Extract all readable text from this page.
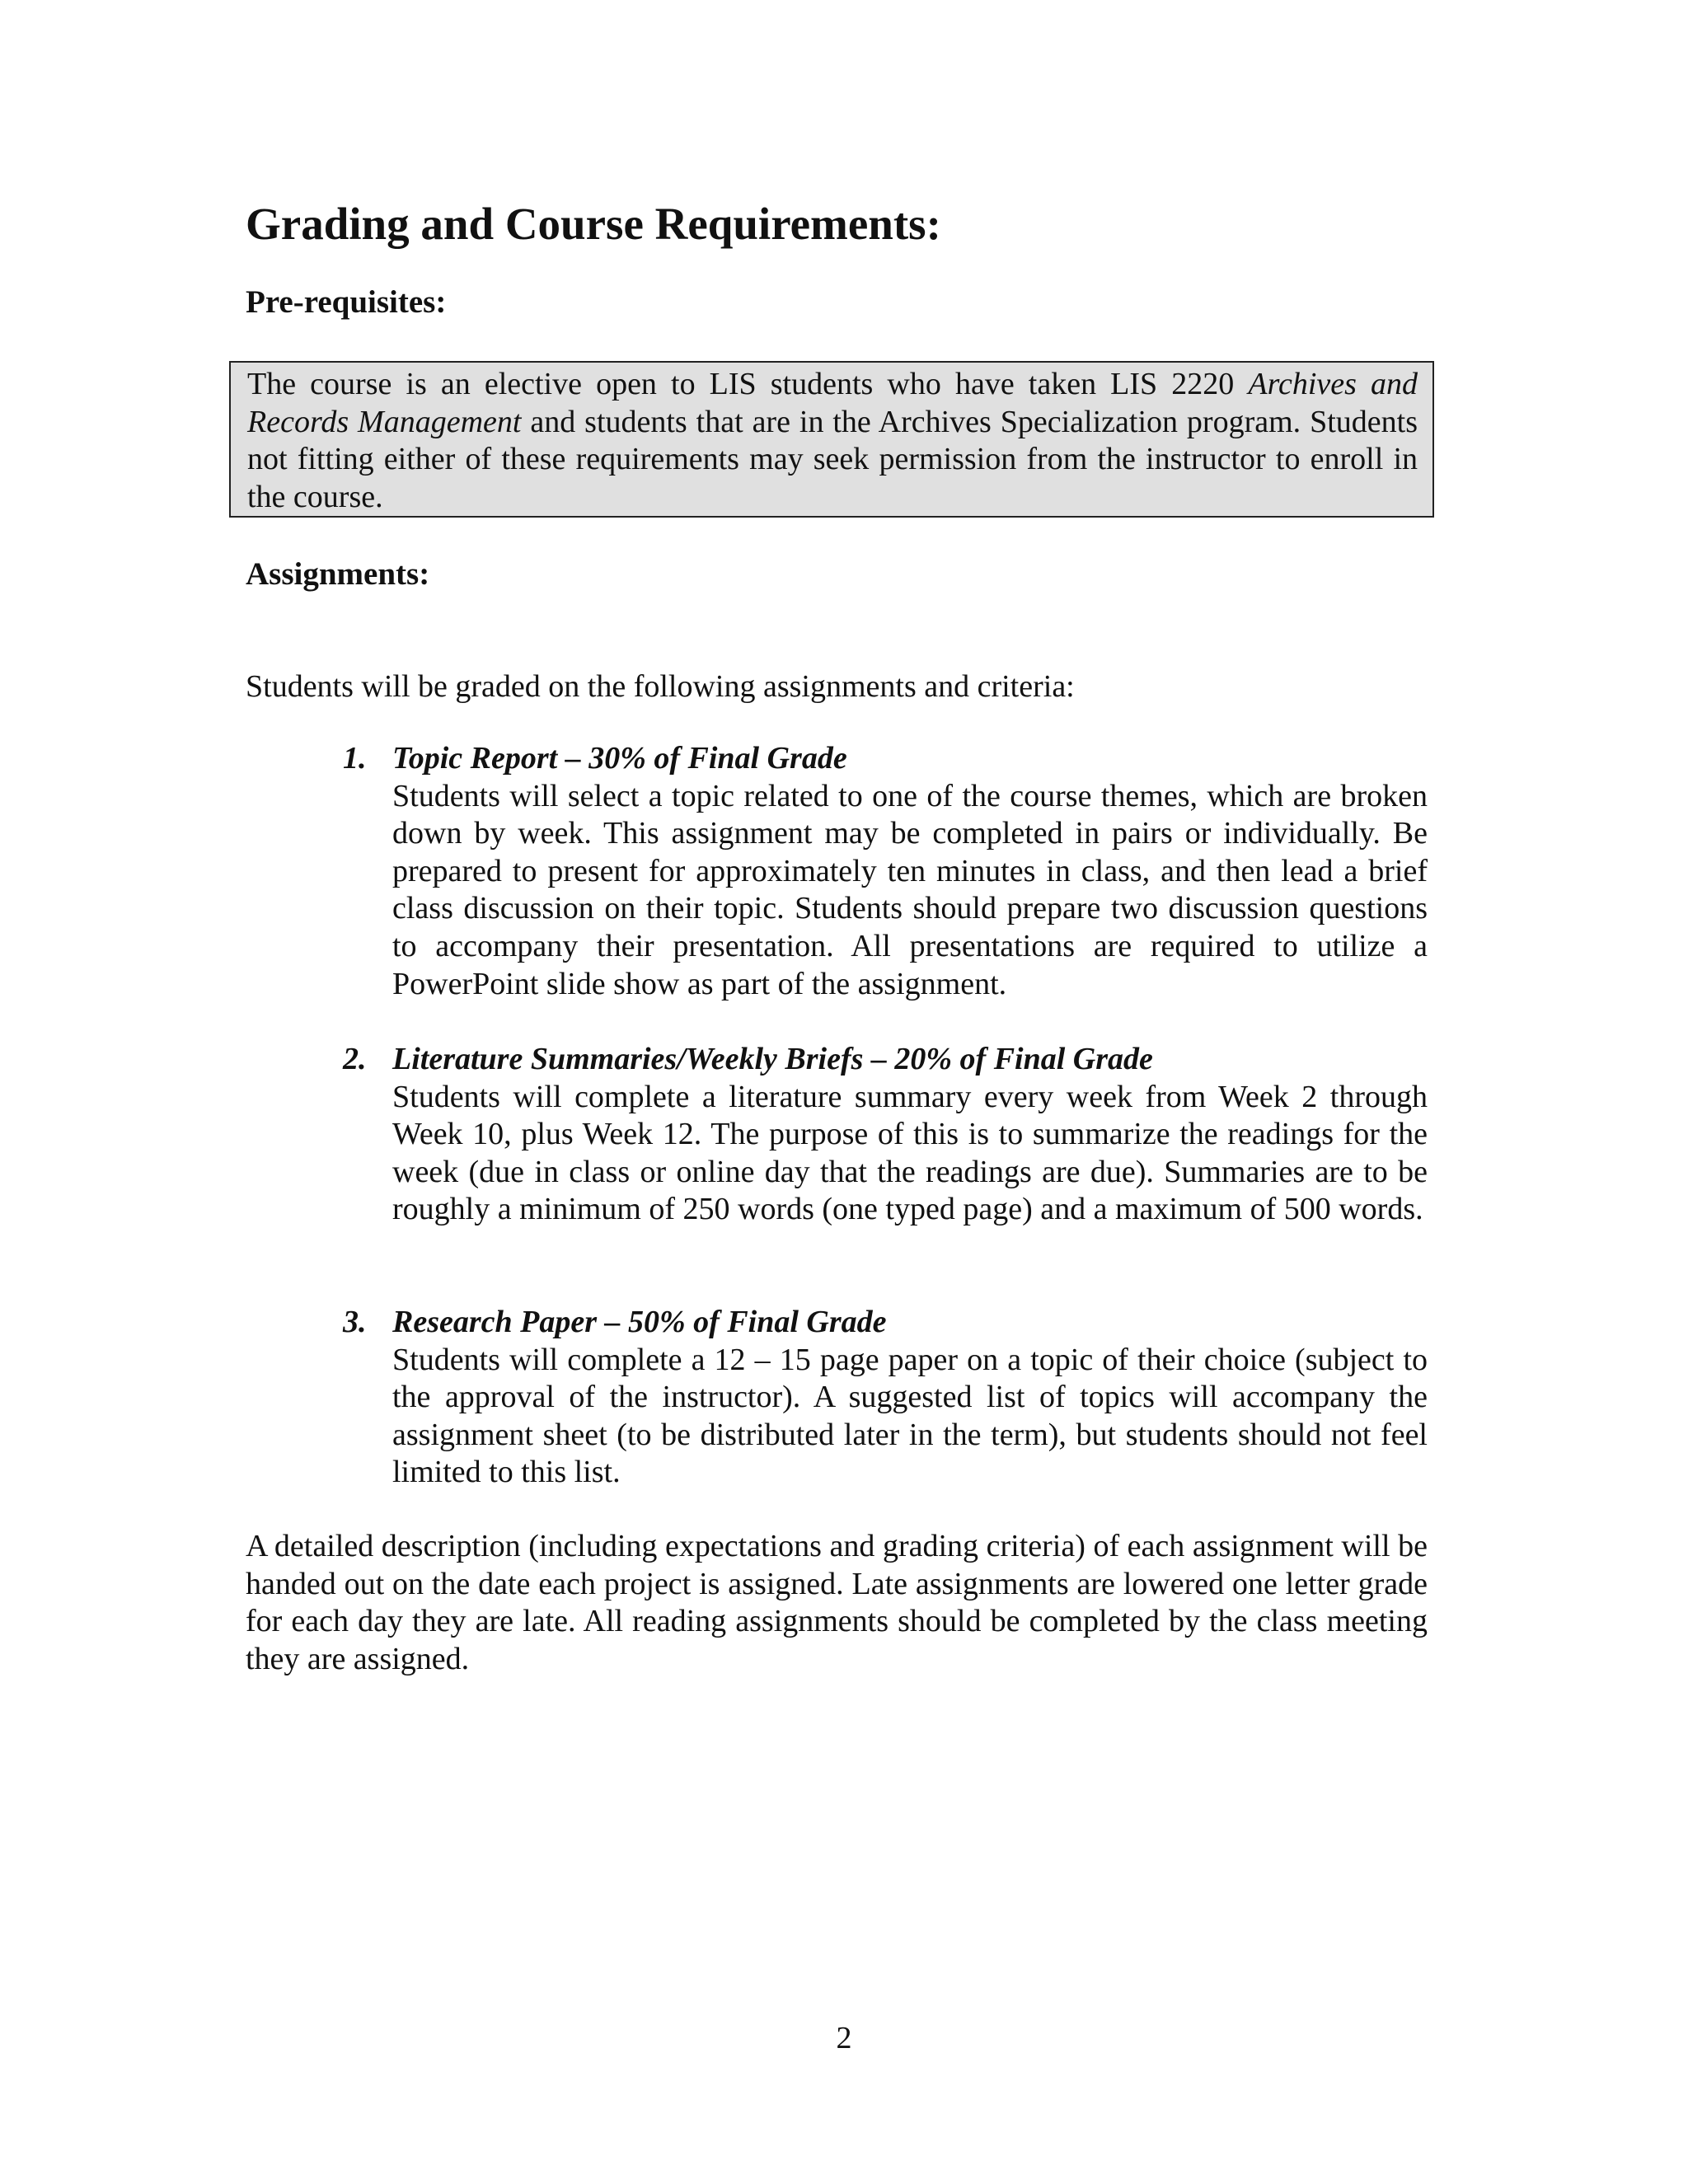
Grading and Course Requirements:
Pre-requisites:
The course is an elective open to LIS students who have taken LIS 2220 Archives and Records Management and students that are in the Archives Specialization program. Students not fitting either of these requirements may seek permission from the instructor to enroll in the course.
Assignments:

Students will be graded on the following assignments and criteria:

1. Topic Report – 30% of Final Grade

Students will select a topic related to one of the course themes, which are broken down by week. This assignment may be completed in pairs or individually. Be prepared to present for approximately ten minutes in class, and then lead a brief class discussion on their topic. Students should prepare two discussion questions to accompany their presentation. All presentations are required to utilize a PowerPoint slide show as part of the assignment.

2. Literature Summaries/Weekly Briefs – 20% of Final Grade

Students will complete a literature summary every week from Week 2 through Week 10, plus Week 12. The purpose of this is to summarize the readings for the week (due in class or online day that the readings are due). Summaries are to be roughly a minimum of 250 words (one typed page) and a maximum of 500 words.

3. Research Paper – 50% of Final Grade

Students will complete a 12 – 15 page paper on a topic of their choice (subject to the approval of the instructor). A suggested list of topics will accompany the assignment sheet (to be distributed later in the term), but students should not feel limited to this list.

A detailed description (including expectations and grading criteria) of each assignment will be handed out on the date each project is assigned. Late assignments are lowered one letter grade for each day they are late. All reading assignments should be completed by the class meeting they are assigned.

2
